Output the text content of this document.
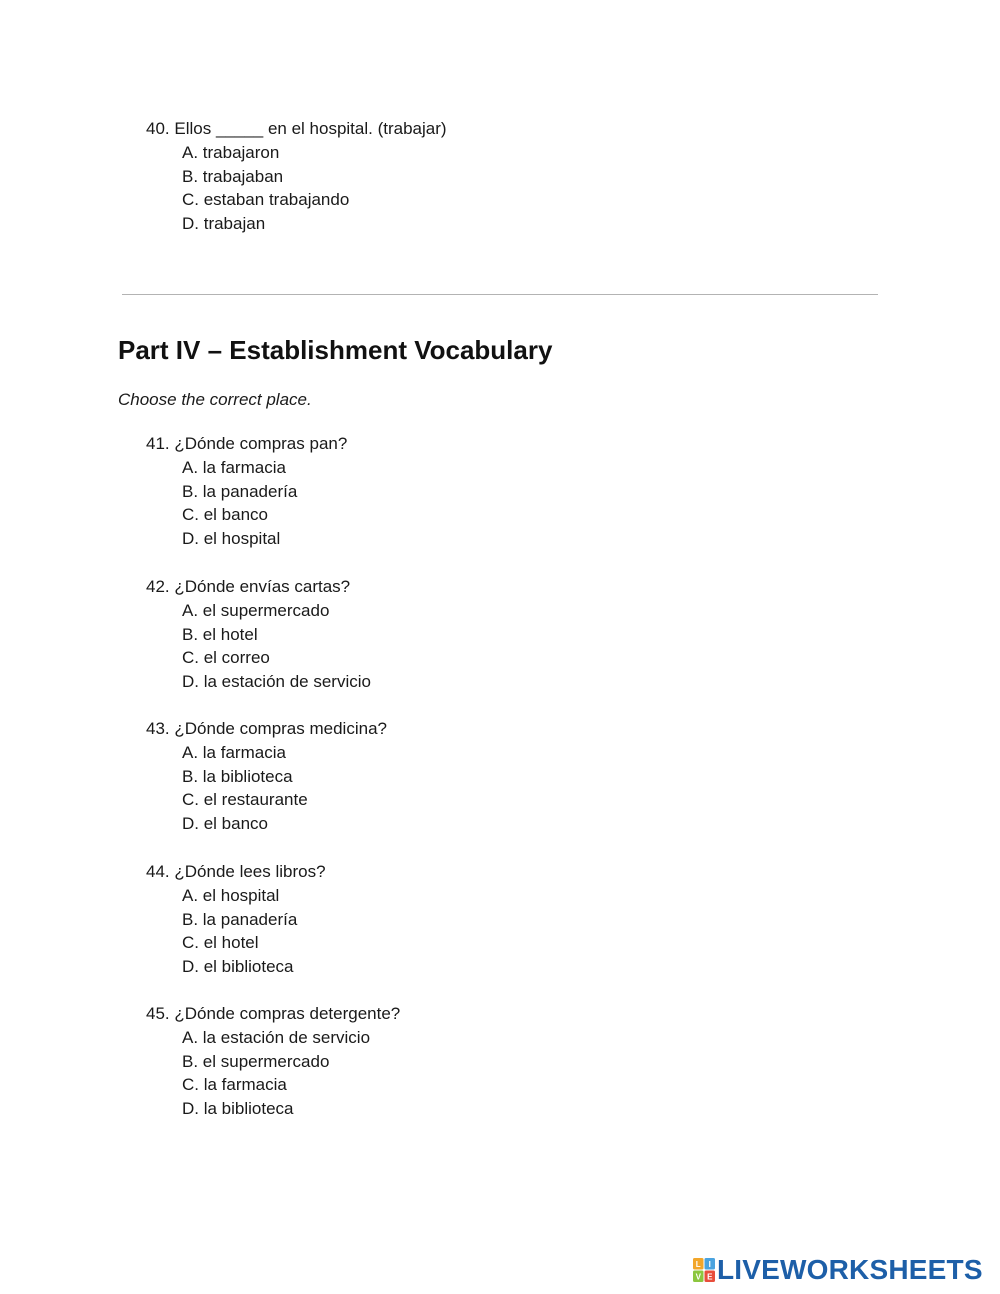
40. Ellos _____ en el hospital. (trabajar)
A. trabajaron
B. trabajaban
C. estaban trabajando
D. trabajan
Part IV – Establishment Vocabulary

Choose the correct place.

41. ¿Dónde compras pan?
A. la farmacia
B. la panadería
C. el banco
D. el hospital
42. ¿Dónde envías cartas?
A. el supermercado
B. el hotel
C. el correo
D. la estación de servicio
43. ¿Dónde compras medicina?
A. la farmacia
B. la biblioteca
C. el restaurante
D. el banco
44. ¿Dónde lees libros?
A. el hospital
B. la panadería
C. el hotel
D. el biblioteca
45. ¿Dónde compras detergente?
A. la estación de servicio
B. el supermercado
C. la farmacia
D. la biblioteca
L I
V E LIVEWORKSHEETS
